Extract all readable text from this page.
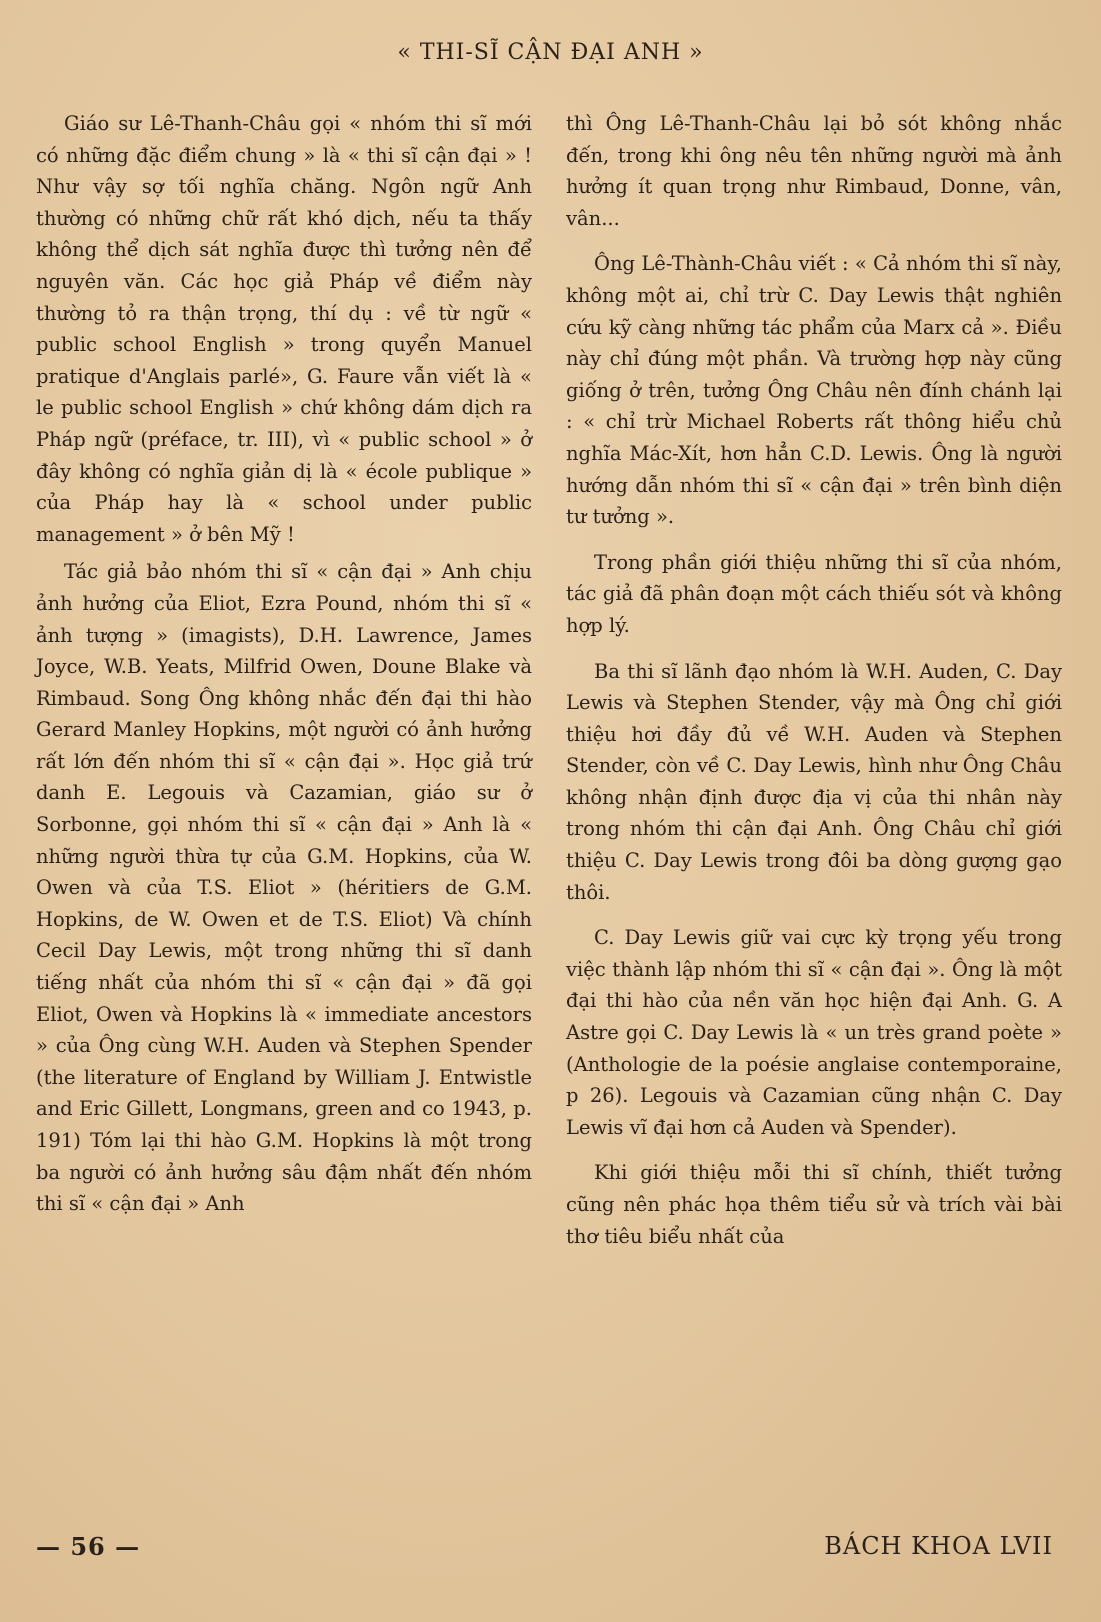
« THI-SĨ CẬN ĐẠI ANH »

Giáo sư Lê-Thanh-Châu gọi « nhóm thi sĩ mới có những đặc điểm chung » là « thi sĩ cận đại » ! Như vậy sợ tối nghĩa chăng. Ngôn ngữ Anh thường có những chữ rất khó dịch, nếu ta thấy không thể dịch sát nghĩa được thì tưởng nên để nguyên văn. Các học giả Pháp về điểm này thường tỏ ra thận trọng, thí dụ : về từ ngữ « public school English » trong quyển Manuel pratique d'Anglais parlé», G. Faure vẫn viết là « le public school English » chứ không dám dịch ra Pháp ngữ (préface, tr. III), vì « public school » ở đây không có nghĩa giản dị là « école publique » của Pháp hay là « school under public management » ở bên Mỹ !

Tác giả bảo nhóm thi sĩ « cận đại » Anh chịu ảnh hưởng của Eliot, Ezra Pound, nhóm thi sĩ « ảnh tượng » (imagists), D.H. Lawrence, James Joyce, W.B. Yeats, Milfrid Owen, Doune Blake và Rimbaud. Song Ông không nhắc đến đại thi hào Gerard Manley Hopkins, một người có ảnh hưởng rất lớn đến nhóm thi sĩ « cận đại ». Học giả trứ danh E. Legouis và Cazamian, giáo sư ở Sorbonne, gọi nhóm thi sĩ « cận đại » Anh là « những người thừa tự của G.M. Hopkins, của W. Owen và của T.S. Eliot » (héritiers de G.M. Hopkins, de W. Owen et de T.S. Eliot) Và chính Cecil Day Lewis, một trong những thi sĩ danh tiếng nhất của nhóm thi sĩ « cận đại » đã gọi Eliot, Owen và Hopkins là « immediate ancestors » của Ông cùng W.H. Auden và Stephen Spender (the literature of England by William J. Entwistle and Eric Gillett, Longmans, green and co 1943, p. 191) Tóm lại thi hào G.M. Hopkins là một trong ba người có ảnh hưởng sâu đậm nhất đến nhóm thi sĩ « cận đại » Anh

thì Ông Lê-Thanh-Châu lại bỏ sót không nhắc đến, trong khi ông nêu tên những người mà ảnh hưởng ít quan trọng như Rimbaud, Donne, vân, vân...

Ông Lê-Thành-Châu viết : « Cả nhóm thi sĩ này, không một ai, chỉ trừ C. Day Lewis thật nghiên cứu kỹ càng những tác phẩm của Marx cả ». Điều này chỉ đúng một phần. Và trường hợp này cũng giống ở trên, tưởng Ông Châu nên đính chánh lại : « chỉ trừ Michael Roberts rất thông hiểu chủ nghĩa Mác-Xít, hơn hẳn C.D. Lewis. Ông là người hướng dẫn nhóm thi sĩ « cận đại » trên bình diện tư tưởng ».

Trong phần giới thiệu những thi sĩ của nhóm, tác giả đã phân đoạn một cách thiếu sót và không hợp lý.

Ba thi sĩ lãnh đạo nhóm là W.H. Auden, C. Day Lewis và Stephen Stender, vậy mà Ông chỉ giới thiệu hơi đầy đủ về W.H. Auden và Stephen Stender, còn về C. Day Lewis, hình như Ông Châu không nhận định được địa vị của thi nhân này trong nhóm thi cận đại Anh. Ông Châu chỉ giới thiệu C. Day Lewis trong đôi ba dòng gượng gạo thôi.

C. Day Lewis giữ vai cực kỳ trọng yếu trong việc thành lập nhóm thi sĩ « cận đại ». Ông là một đại thi hào của nền văn học hiện đại Anh. G. A Astre gọi C. Day Lewis là « un très grand poète » (Anthologie de la poésie anglaise contemporaine, p 26). Legouis và Cazamian cũng nhận C. Day Lewis vĩ đại hơn cả Auden và Spender).

Khi giới thiệu mỗi thi sĩ chính, thiết tưởng cũng nên phác họa thêm tiểu sử và trích vài bài thơ tiêu biểu nhất của

— 56 —	BÁCH KHOA LVII
